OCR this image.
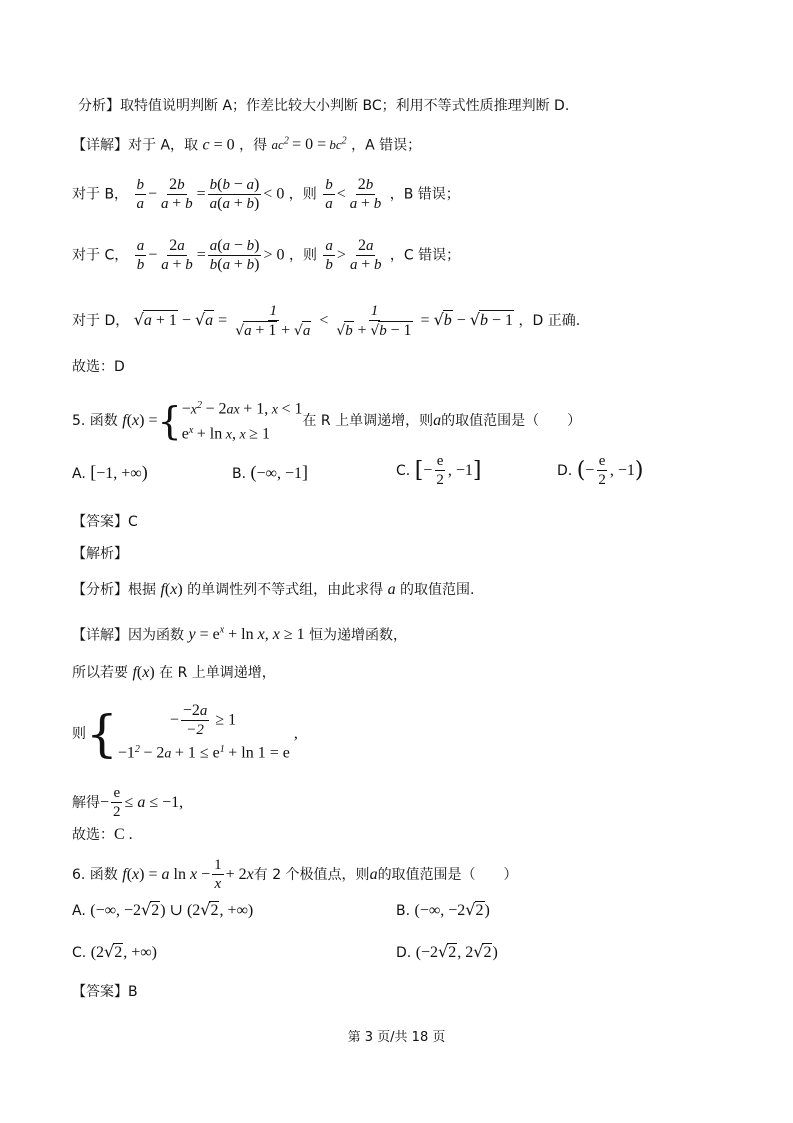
分析】取特值说明判断 A；作差比较大小判断 BC；利用不等式性质推理判断 D.
【详解】对于 A，取 c = 0 ，得 $ac^2 = 0 = bc^2$ ，A 错误；
对于 B， $\frac{b}{a} - \frac{2b}{a + b} = \frac{b(b - a)}{a(a + b)} < 0$ ，则 $\frac{b}{a} < \frac{2b}{a + b}$ ，B 错误；
对于 C， $\frac{a}{b} - \frac{2a}{a + b} = \frac{a(a - b)}{b(a + b)} > 0$ ，则 $\frac{a}{b} > \frac{2a}{a + b}$ ，C 错误；
对于 D， $√a + 1 - √a = \frac{1}{√a + 1 + √a} < \frac{1}{√b + √b - 1} = √b - √b - 1$ ，D 正确.
故选：D
5. 函数
f(x) = { $-x^2 - 2ax + 1$, x < 1
$e^x + \ln x$, x ≥ 1
在 R 上单调递增，则 a 的取值范围是（　　）
A. [−1, +∞)	B. (−∞, −1]	C.
[ − $\frac{e}{2}$ , −1 ]	D.
( − $\frac{e}{2}$ , −1 )
【答案】C
【解析】
【分析】根据 f(x) 的单调性列不等式组，由此求得 a 的取值范围.
【详解】因为函数 $y = e^x + \ln x$, x ≥ 1 恒为递增函数，
所以若要 f(x) 在 R 上单调递增，
则 {	− $\frac{-2a}{-2} \ge 1$
$-1^2 - 2a + 1 \le e^1 + \ln 1 = e$
,
解得 − $\frac{e}{2} \le a \le -1$,
故选：C .
6. 函数
f(x) = a $\ln x - \frac{1}{x} + 2x$ 有 2 个极值点，则 a 的取值范围是（　　）
A. (−∞, −2√2) ∪ (2√2, +∞)	B. (−∞, −2√2)
C. (2√2, +∞)	D. (−2√2, 2√2)
【答案】B
第 3 页/共 18 页
